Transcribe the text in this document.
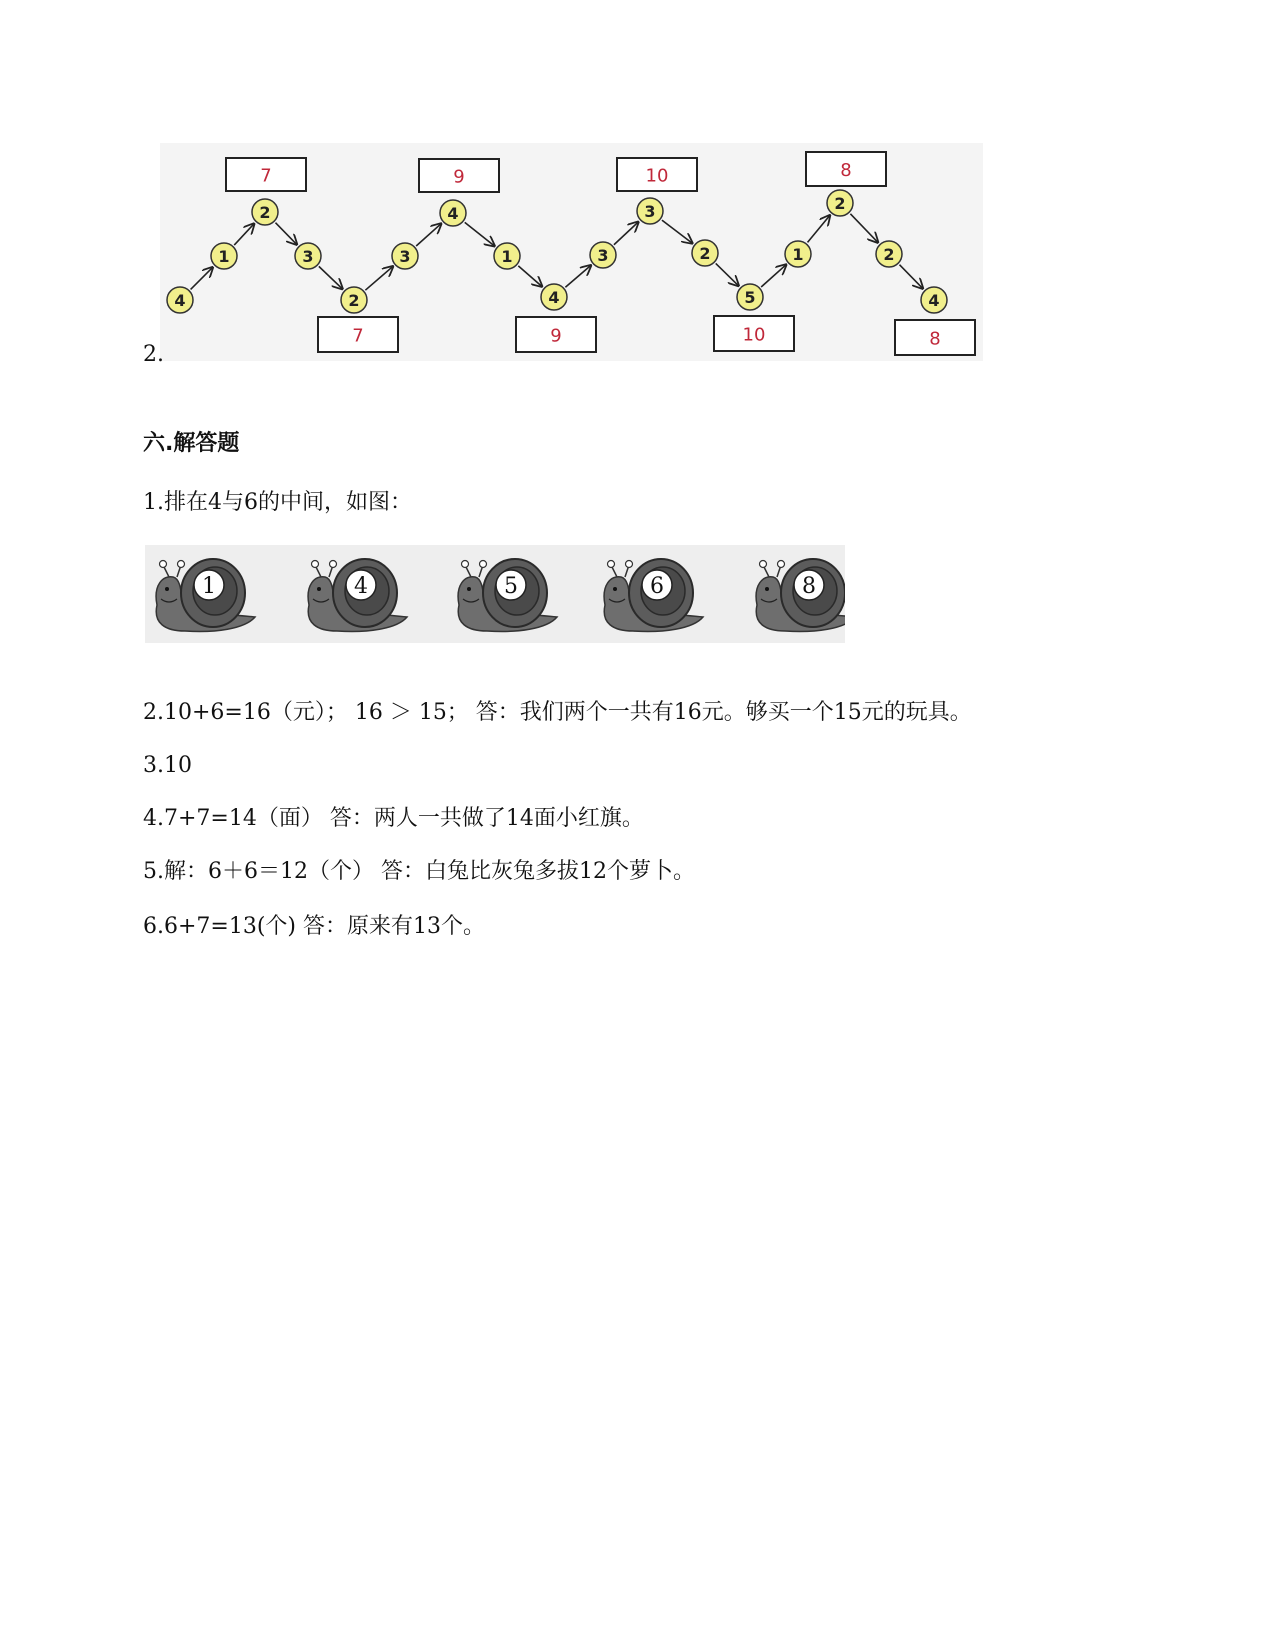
4
1
2
3
2
3
4
1
4
3
3
2
5
1
2
2
4
7	9	10	8
7	9	10	8
2.
六.解答题
1.排在4与6的中间，如图：
1	4	5	6	8
2.10+6=16（元）； 16 ＞ 15； 答：我们两个一共有16元。够买一个15元的玩具。
3.10
4.7+7=14（面） 答：两人一共做了14面小红旗。
5.解：6＋6＝12（个） 答：白兔比灰兔多拔12个萝卜。
6.6+7=13(个) 答：原来有13个。
